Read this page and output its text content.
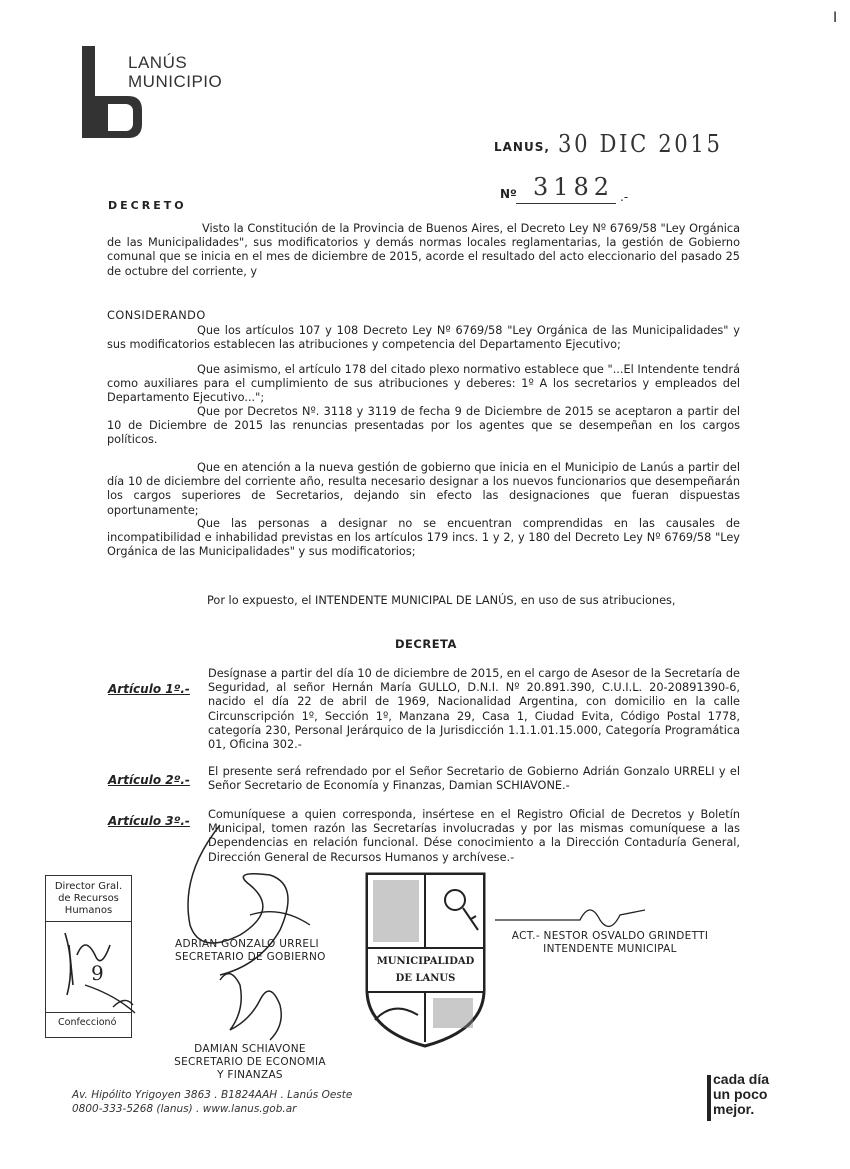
I
LANÚS
MUNICIPIO
LANUS, 30 DIC 2015
Nº 3182 .-
DECRETO
Visto la Constitución de la Provincia de Buenos Aires, el Decreto Ley Nº 6769/58 "Ley Orgánica de las Municipalidades", sus modificatorios y demás normas locales reglamentarias, la gestión de Gobierno comunal que se inicia en el mes de diciembre de 2015, acorde el resultado del acto eleccionario del pasado 25 de octubre del corriente, y
CONSIDERANDO
Que los artículos 107 y 108 Decreto Ley Nº 6769/58 "Ley Orgánica de las Municipalidades" y sus modificatorios establecen las atribuciones y competencia del Departamento Ejecutivo;
Que asimismo, el artículo 178 del citado plexo normativo establece que "...El Intendente tendrá como auxiliares para el cumplimiento de sus atribuciones y deberes: 1º A los secretarios y empleados del Departamento Ejecutivo...";
Que por Decretos Nº. 3118 y 3119 de fecha 9 de Diciembre de 2015 se aceptaron a partir del 10 de Diciembre de 2015 las renuncias presentadas por los agentes que se desempeñan en los cargos políticos.
Que en atención a la nueva gestión de gobierno que inicia en el Municipio de Lanús a partir del día 10 de diciembre del corriente año, resulta necesario designar a los nuevos funcionarios que desempeñarán los cargos superiores de Secretarios, dejando sin efecto las designaciones que fueran dispuestas oportunamente;
Que las personas a designar no se encuentran comprendidas en las causales de incompatibilidad e inhabilidad previstas en los artículos 179 incs. 1 y 2, y 180 del Decreto Ley Nº 6769/58 "Ley Orgánica de las Municipalidades" y sus modificatorios;
Por lo expuesto, el INTENDENTE MUNICIPAL DE LANÚS, en uso de sus atribuciones,
DECRETA
Artículo 1º.-
Desígnase a partir del día 10 de diciembre de 2015, en el cargo de Asesor de la Secretaría de Seguridad, al señor Hernán María GULLO, D.N.I. Nº 20.891.390, C.U.I.L. 20-20891390-6, nacido el día 22 de abril de 1969, Nacionalidad Argentina, con domicilio en la calle Circunscripción 1º, Sección 1º, Manzana 29, Casa 1, Ciudad Evita, Código Postal 1778, categoría 230, Personal Jerárquico de la Jurisdicción 1.1.1.01.15.000, Categoría Programática 01, Oficina 302.-
Artículo 2º.-
El presente será refrendado por el Señor Secretario de Gobierno Adrián Gonzalo URRELI y el Señor Secretario de Economía y Finanzas, Damian SCHIAVONE.-
Artículo 3º.- Comuníquese a quien corresponda, insértese en el Registro Oficial de Decretos y Boletín Municipal, tomen razón las Secretarías involucradas y por las mismas comuníquese a las Dependencias en relación funcional. Dése conocimiento a la Dirección Contaduría General, Dirección General de Recursos Humanos y archívese.-
Director Gral.
de Recursos
Humanos
9
Confeccionó
ADRIAN GONZALO URRELI
SECRETARIO DE GOBIERNO
DAMIAN SCHIAVONE
SECRETARIO DE ECONOMIA
Y FINANZAS
MUNICIPALIDAD
DE LANUS
ACT.- NESTOR OSVALDO GRINDETTI
INTENDENTE MUNICIPAL
Av. Hipólito Yrigoyen 3863 . B1824AAH . Lanús Oeste
0800-333-5268 (lanus) . www.lanus.gob.ar
cada día
un poco
mejor.
